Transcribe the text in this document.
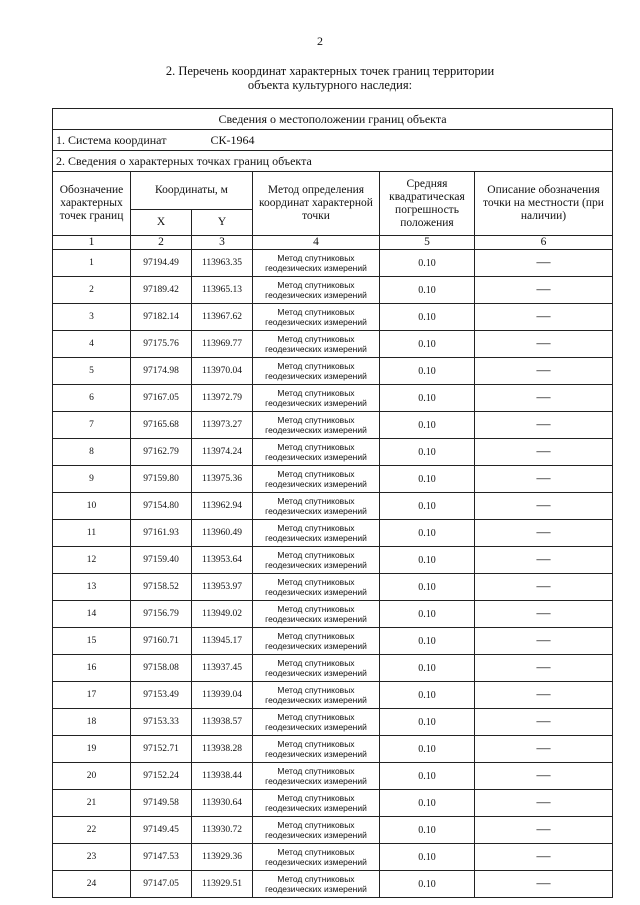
2
2. Перечень координат характерных точек границ территории
объекта культурного наследия:
Сведения о местоположении границ объекта					
1. Система координат СК-1964					
2. Сведения о характерных точках границ объекта					
Обозначение характерных точек границ	Координаты, м		Метод определения координат характерной точки	Средняя квадратическая погрешность положения	Описание обозначения точки на местности (при наличии)
	X	Y			
1	2	3	4	5	6
1	97194.49	113963.35	Метод спутниковых геодезических измерений	0.10	—
2	97189.42	113965.13	Метод спутниковых геодезических измерений	0.10	—
3	97182.14	113967.62	Метод спутниковых геодезических измерений	0.10	—
4	97175.76	113969.77	Метод спутниковых геодезических измерений	0.10	—
5	97174.98	113970.04	Метод спутниковых геодезических измерений	0.10	—
6	97167.05	113972.79	Метод спутниковых геодезических измерений	0.10	—
7	97165.68	113973.27	Метод спутниковых геодезических измерений	0.10	—
8	97162.79	113974.24	Метод спутниковых геодезических измерений	0.10	—
9	97159.80	113975.36	Метод спутниковых геодезических измерений	0.10	—
10	97154.80	113962.94	Метод спутниковых геодезических измерений	0.10	—
11	97161.93	113960.49	Метод спутниковых геодезических измерений	0.10	—
12	97159.40	113953.64	Метод спутниковых геодезических измерений	0.10	—
13	97158.52	113953.97	Метод спутниковых геодезических измерений	0.10	—
14	97156.79	113949.02	Метод спутниковых геодезических измерений	0.10	—
15	97160.71	113945.17	Метод спутниковых геодезических измерений	0.10	—
16	97158.08	113937.45	Метод спутниковых геодезических измерений	0.10	—
17	97153.49	113939.04	Метод спутниковых геодезических измерений	0.10	—
18	97153.33	113938.57	Метод спутниковых геодезических измерений	0.10	—
19	97152.71	113938.28	Метод спутниковых геодезических измерений	0.10	—
20	97152.24	113938.44	Метод спутниковых геодезических измерений	0.10	—
21	97149.58	113930.64	Метод спутниковых геодезических измерений	0.10	—
22	97149.45	113930.72	Метод спутниковых геодезических измерений	0.10	—
23	97147.53	113929.36	Метод спутниковых геодезических измерений	0.10	—
24	97147.05	113929.51	Метод спутниковых геодезических измерений	0.10	—
